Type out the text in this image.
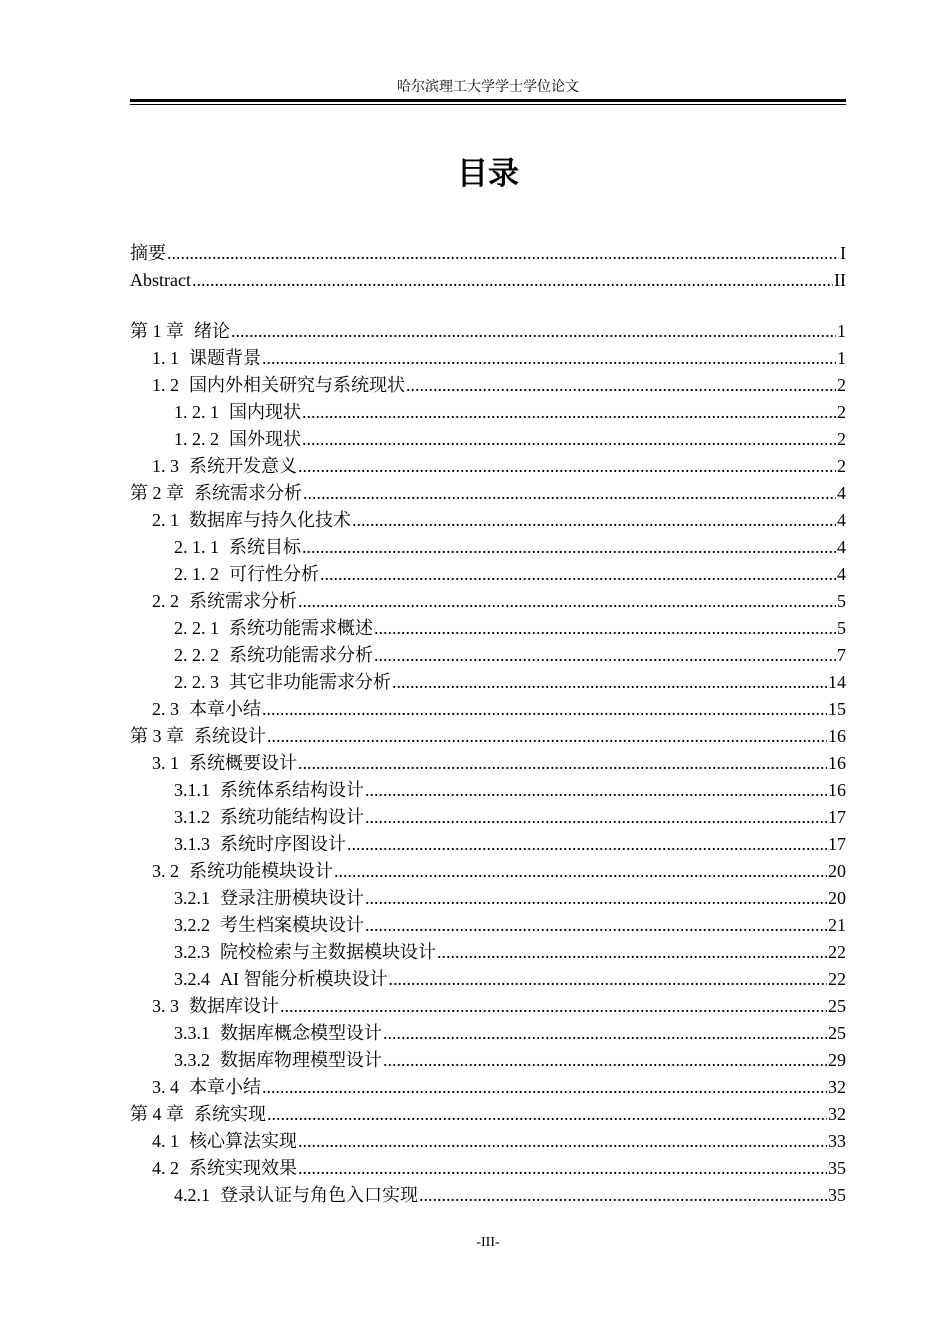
哈尔滨理工大学学士学位论文
目录
摘要 .....	I
Abstract .....	II
第 1 章 绪论 .....	1
1. 1 课题背景 .....	1
1. 2 国内外相关研究与系统现状 .....	2
1. 2. 1 国内现状 .....	2
1. 2. 2 国外现状 .....	2
1. 3 系统开发意义 .....	2
第 2 章 系统需求分析 .....	4
2. 1 数据库与持久化技术 .....	4
2. 1. 1 系统目标 .....	4
2. 1. 2 可行性分析 .....	4
2. 2 系统需求分析 .....	5
2. 2. 1 系统功能需求概述 .....	5
2. 2. 2 系统功能需求分析 .....	7
2. 2. 3 其它非功能需求分析 .....	14
2. 3 本章小结 .....	15
第 3 章 系统设计 .....	16
3. 1 系统概要设计 .....	16
3.1.1 系统体系结构设计 .....	16
3.1.2 系统功能结构设计 .....	17
3.1.3 系统时序图设计 .....	17
3. 2 系统功能模块设计 .....	20
3.2.1 登录注册模块设计 .....	20
3.2.2 考生档案模块设计 .....	21
3.2.3 院校检索与主数据模块设计 .....	22
3.2.4 AI 智能分析模块设计 .....	22
3. 3 数据库设计 .....	25
3.3.1 数据库概念模型设计 .....	25
3.3.2 数据库物理模型设计 .....	29
3. 4 本章小结 .....	32
第 4 章 系统实现 .....	32
4. 1 核心算法实现 .....	33
4. 2 系统实现效果 .....	35
4.2.1 登录认证与角色入口实现 .....	35
-III-
